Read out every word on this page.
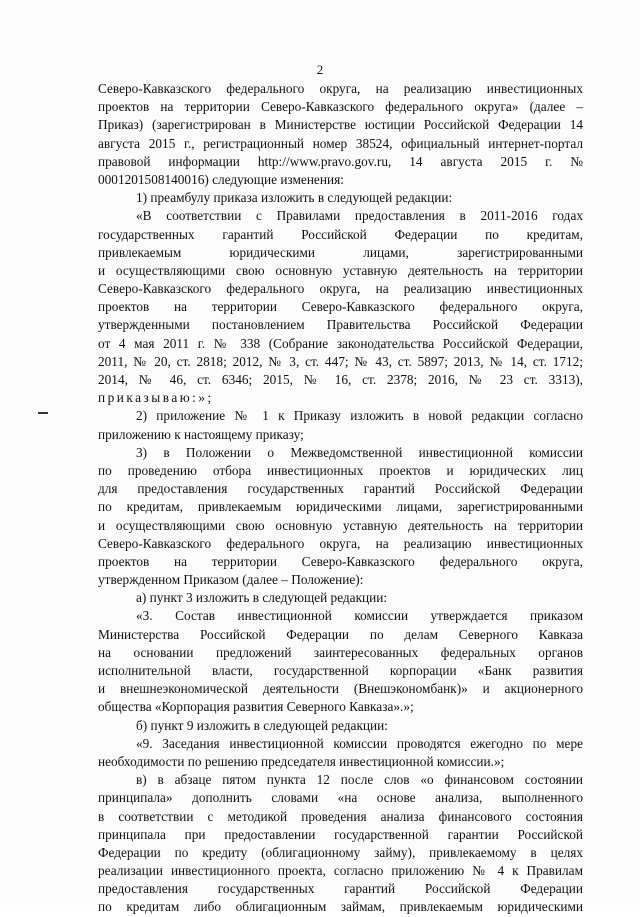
2
Северо-Кавказского федерального округа, на реализацию инвестиционных
проектов на территории Северо-Кавказского федерального округа» (далее –
Приказ) (зарегистрирован в Министерстве юстиции Российской Федерации 14
августа 2015 г., регистрационный номер 38524, официальный интернет-портал
правовой информации http://www.pravo.gov.ru, 14 августа 2015 г. №
0001201508140016) следующие изменения:
1) преамбулу приказа изложить в следующей редакции:
«В соответствии с Правилами предоставления в 2011-2016 годах
государственных гарантий Российской Федерации по кредитам,
привлекаемым юридическими лицами, зарегистрированными
и осуществляющими свою основную уставную деятельность на территории
Северо-Кавказского федерального округа, на реализацию инвестиционных
проектов на территории Северо-Кавказского федерального округа,
утвержденными постановлением Правительства Российской Федерации
от 4 мая 2011 г. № 338 (Собрание законодательства Российской Федерации,
2011, № 20, ст. 2818; 2012, № 3, ст. 447; № 43, ст. 5897; 2013, № 14, ст. 1712;
2014, № 46, ст. 6346; 2015, № 16, ст. 2378; 2016, № 23 ст. 3313),
приказываю:»;
2) приложение № 1 к Приказу изложить в новой редакции согласно
приложению к настоящему приказу;
3) в Положении о Межведомственной инвестиционной комиссии
по проведению отбора инвестиционных проектов и юридических лиц
для предоставления государственных гарантий Российской Федерации
по кредитам, привлекаемым юридическими лицами, зарегистрированными
и осуществляющими свою основную уставную деятельность на территории
Северо-Кавказского федерального округа, на реализацию инвестиционных
проектов на территории Северо-Кавказского федерального округа,
утвержденном Приказом (далее – Положение):
а) пункт 3 изложить в следующей редакции:
«3. Состав инвестиционной комиссии утверждается приказом
Министерства Российской Федерации по делам Северного Кавказа
на основании предложений заинтересованных федеральных органов
исполнительной власти, государственной корпорации «Банк развития
и внешнеэкономической деятельности (Внешэкономбанк)» и акционерного
общества «Корпорация развития Северного Кавказа».»;
б) пункт 9 изложить в следующей редакции:
«9. Заседания инвестиционной комиссии проводятся ежегодно по мере
необходимости по решению председателя инвестиционной комиссии.»;
в) в абзаце пятом пункта 12 после слов «о финансовом состоянии
принципала» дополнить словами «на основе анализа, выполненного
в соответствии с методикой проведения анализа финансового состояния
принципала при предоставлении государственной гарантии Российской
Федерации по кредиту (облигационному займу), привлекаемому в целях
реализации инвестиционного проекта, согласно приложению № 4 к Правилам
предоставления государственных гарантий Российской Федерации
по кредитам либо облигационным займам, привлекаемым юридическими
